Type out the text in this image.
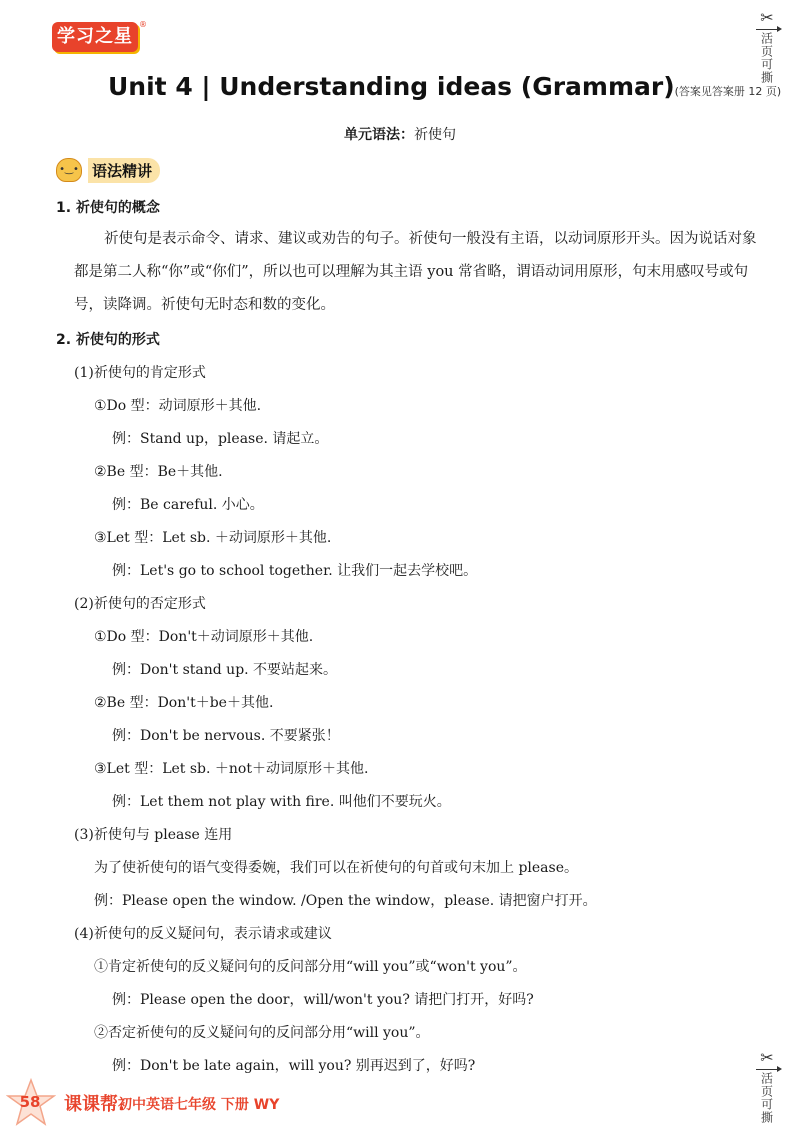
学习之星
®	✂
活页可撕
Unit 4 | Understanding ideas (Grammar)(答案见答案册 12 页)
单元语法：祈使句
•‿• 语法精讲
1. 祈使句的概念
祈使句是表示命令、请求、建议或劝告的句子。祈使句一般没有主语，以动词原形开头。因为说话对象都是第二人称“你”或“你们”，所以也可以理解为其主语 you 常省略，谓语动词用原形，句末用感叹号或句号，读降调。祈使句无时态和数的变化。
2. 祈使句的形式
(1)祈使句的肯定形式
①Do 型：动词原形＋其他.
例：Stand up，please. 请起立。
②Be 型：Be＋其他.
例：Be careful. 小心。
③Let 型：Let sb. ＋动词原形＋其他.
例：Let's go to school together. 让我们一起去学校吧。
(2)祈使句的否定形式
①Do 型：Don't＋动词原形＋其他.
例：Don't stand up. 不要站起来。
②Be 型：Don't＋be＋其他.
例：Don't be nervous. 不要紧张！
③Let 型：Let sb. ＋not＋动词原形＋其他.
例：Let them not play with fire. 叫他们不要玩火。
(3)祈使句与 please 连用
为了使祈使句的语气变得委婉，我们可以在祈使句的句首或句末加上 please。
例：Please open the window. /Open the window，please. 请把窗户打开。
(4)祈使句的反义疑问句，表示请求或建议
①肯定祈使句的反义疑问句的反问部分用“will you”或“won't you”。
例：Please open the door，will/won't you? 请把门打开，好吗?
②否定祈使句的反义疑问句的反问部分用“will you”。
例：Don't be late again，will you? 别再迟到了，好吗?	✂
活页可撕
58	课课帮.
初中英语七年级 下册 WY
